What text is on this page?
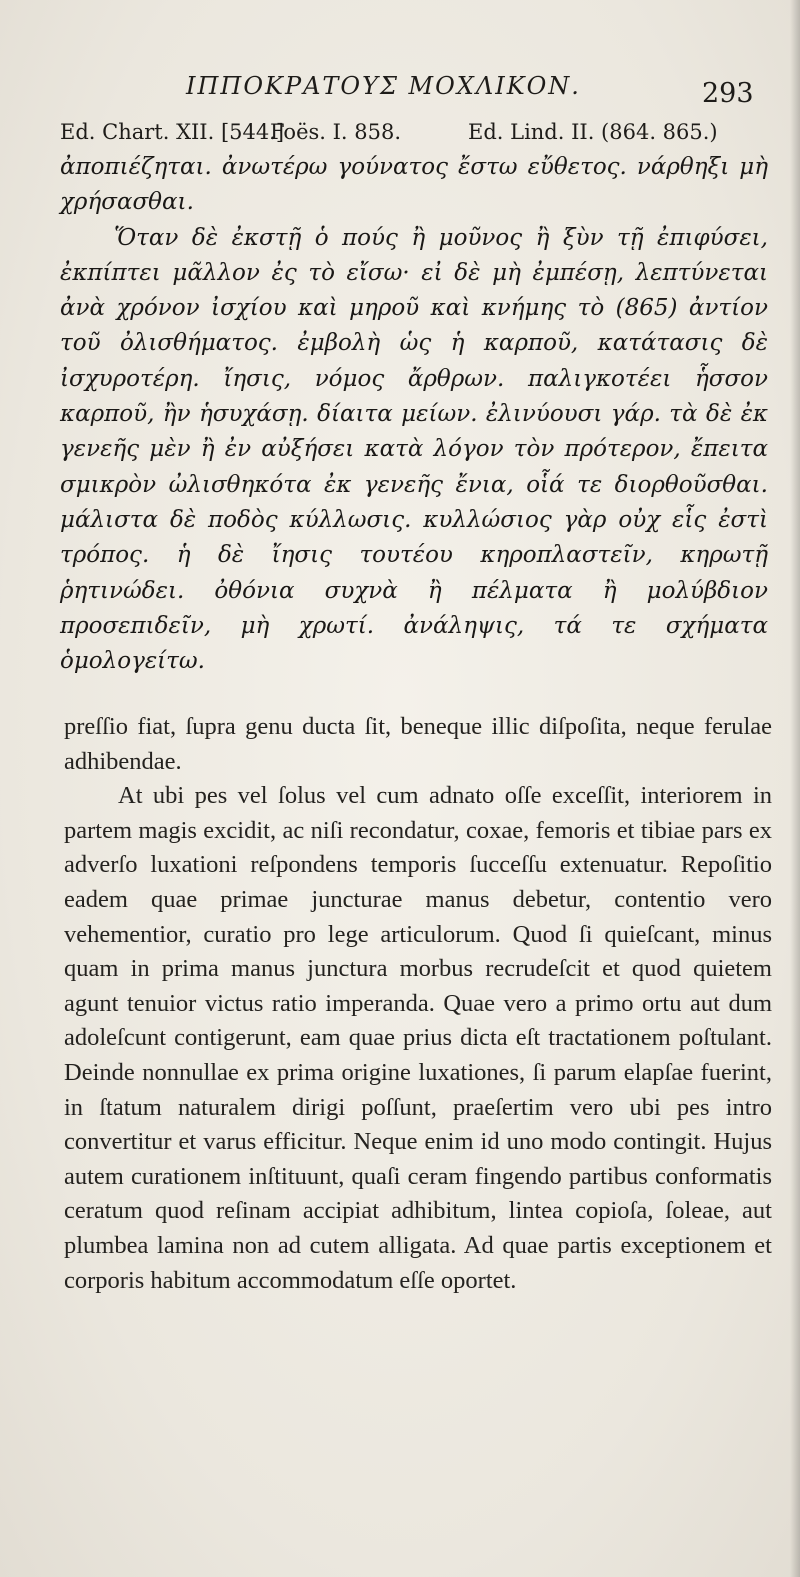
ΙΠΠΟΚΡΑΤΟΥΣ ΜΟΧΛΙΚΟΝ.	293
Ed. Chart. XII. [544.]
Foës. I. 858.	Ed. Lind. II. (864. 865.)

ἀποπιέζηται. ἀνωτέρω γούνατος ἔστω εὔθετος. νάρθηξι μὴ χρήσασθαι.

Ὅταν δὲ ἐκστῇ ὁ πούς ἢ μοῦνος ἢ ξὺν τῇ ἐπιφύσει, ἐκπίπτει μᾶλλον ἐς τὸ εἴσω· εἰ δὲ μὴ ἐμπέσῃ, λεπτύνεται ἀνὰ χρόνον ἰσχίου καὶ μηροῦ καὶ κνήμης τὸ (865) ἀντίον τοῦ ὀλισθήματος. ἐμβολὴ ὡς ἡ καρποῦ, κατάτασις δὲ ἰσχυροτέρη. ἴησις, νόμος ἄρθρων. παλιγκοτέει ἧσσον καρποῦ, ἢν ἡσυχάσῃ. δίαιτα μείων. ἐλινύουσι γάρ. τὰ δὲ ἐκ γενεῆς μὲν ἢ ἐν αὐξήσει κατὰ λόγον τὸν πρότερον, ἔπειτα σμικρὸν ὠλισθηκότα ἐκ γενεῆς ἔνια, οἷά τε διορθοῦσθαι. μάλιστα δὲ ποδὸς κύλλωσις. κυλλώσιος γὰρ οὐχ εἷς ἐστὶ τρόπος. ἡ δὲ ἴησις τουτέου κηροπλαστεῖν, κηρωτῇ ῥητινώδει. ὀθόνια συχνὰ ἢ πέλματα ἢ μολύβδιον προσεπιδεῖν, μὴ χρωτί. ἀνάληψις, τά τε σχήματα ὁμολογείτω.

preſſio fiat, ſupra genu ducta ſit, beneque illic diſpoſita, neque ferulae adhibendae.

At ubi pes vel ſolus vel cum adnato oſſe exceſſit, interiorem in partem magis excidit, ac niſi recondatur, coxae, femoris et tibiae pars ex adverſo luxationi reſpondens temporis ſucceſſu extenuatur. Repoſitio eadem quae primae juncturae manus debetur, contentio vero vehementior, curatio pro lege articulorum. Quod ſi quieſcant, minus quam in prima manus junctura morbus recrudeſcit et quod quietem agunt tenuior victus ratio imperanda. Quae vero a primo ortu aut dum adoleſcunt contigerunt, eam quae prius dicta eſt tractationem poſtulant. Deinde nonnullae ex prima origine luxationes, ſi parum elapſae fuerint, in ſtatum naturalem dirigi poſſunt, praeſertim vero ubi pes intro convertitur et varus efficitur. Neque enim id uno modo contingit. Hujus autem curationem inſtituunt, quaſi ceram fingendo partibus conformatis ceratum quod reſinam accipiat adhibitum, lintea copioſa, ſoleae, aut plumbea lamina non ad cutem alligata. Ad quae partis exceptionem et corporis habitum accommodatum eſſe oportet.
